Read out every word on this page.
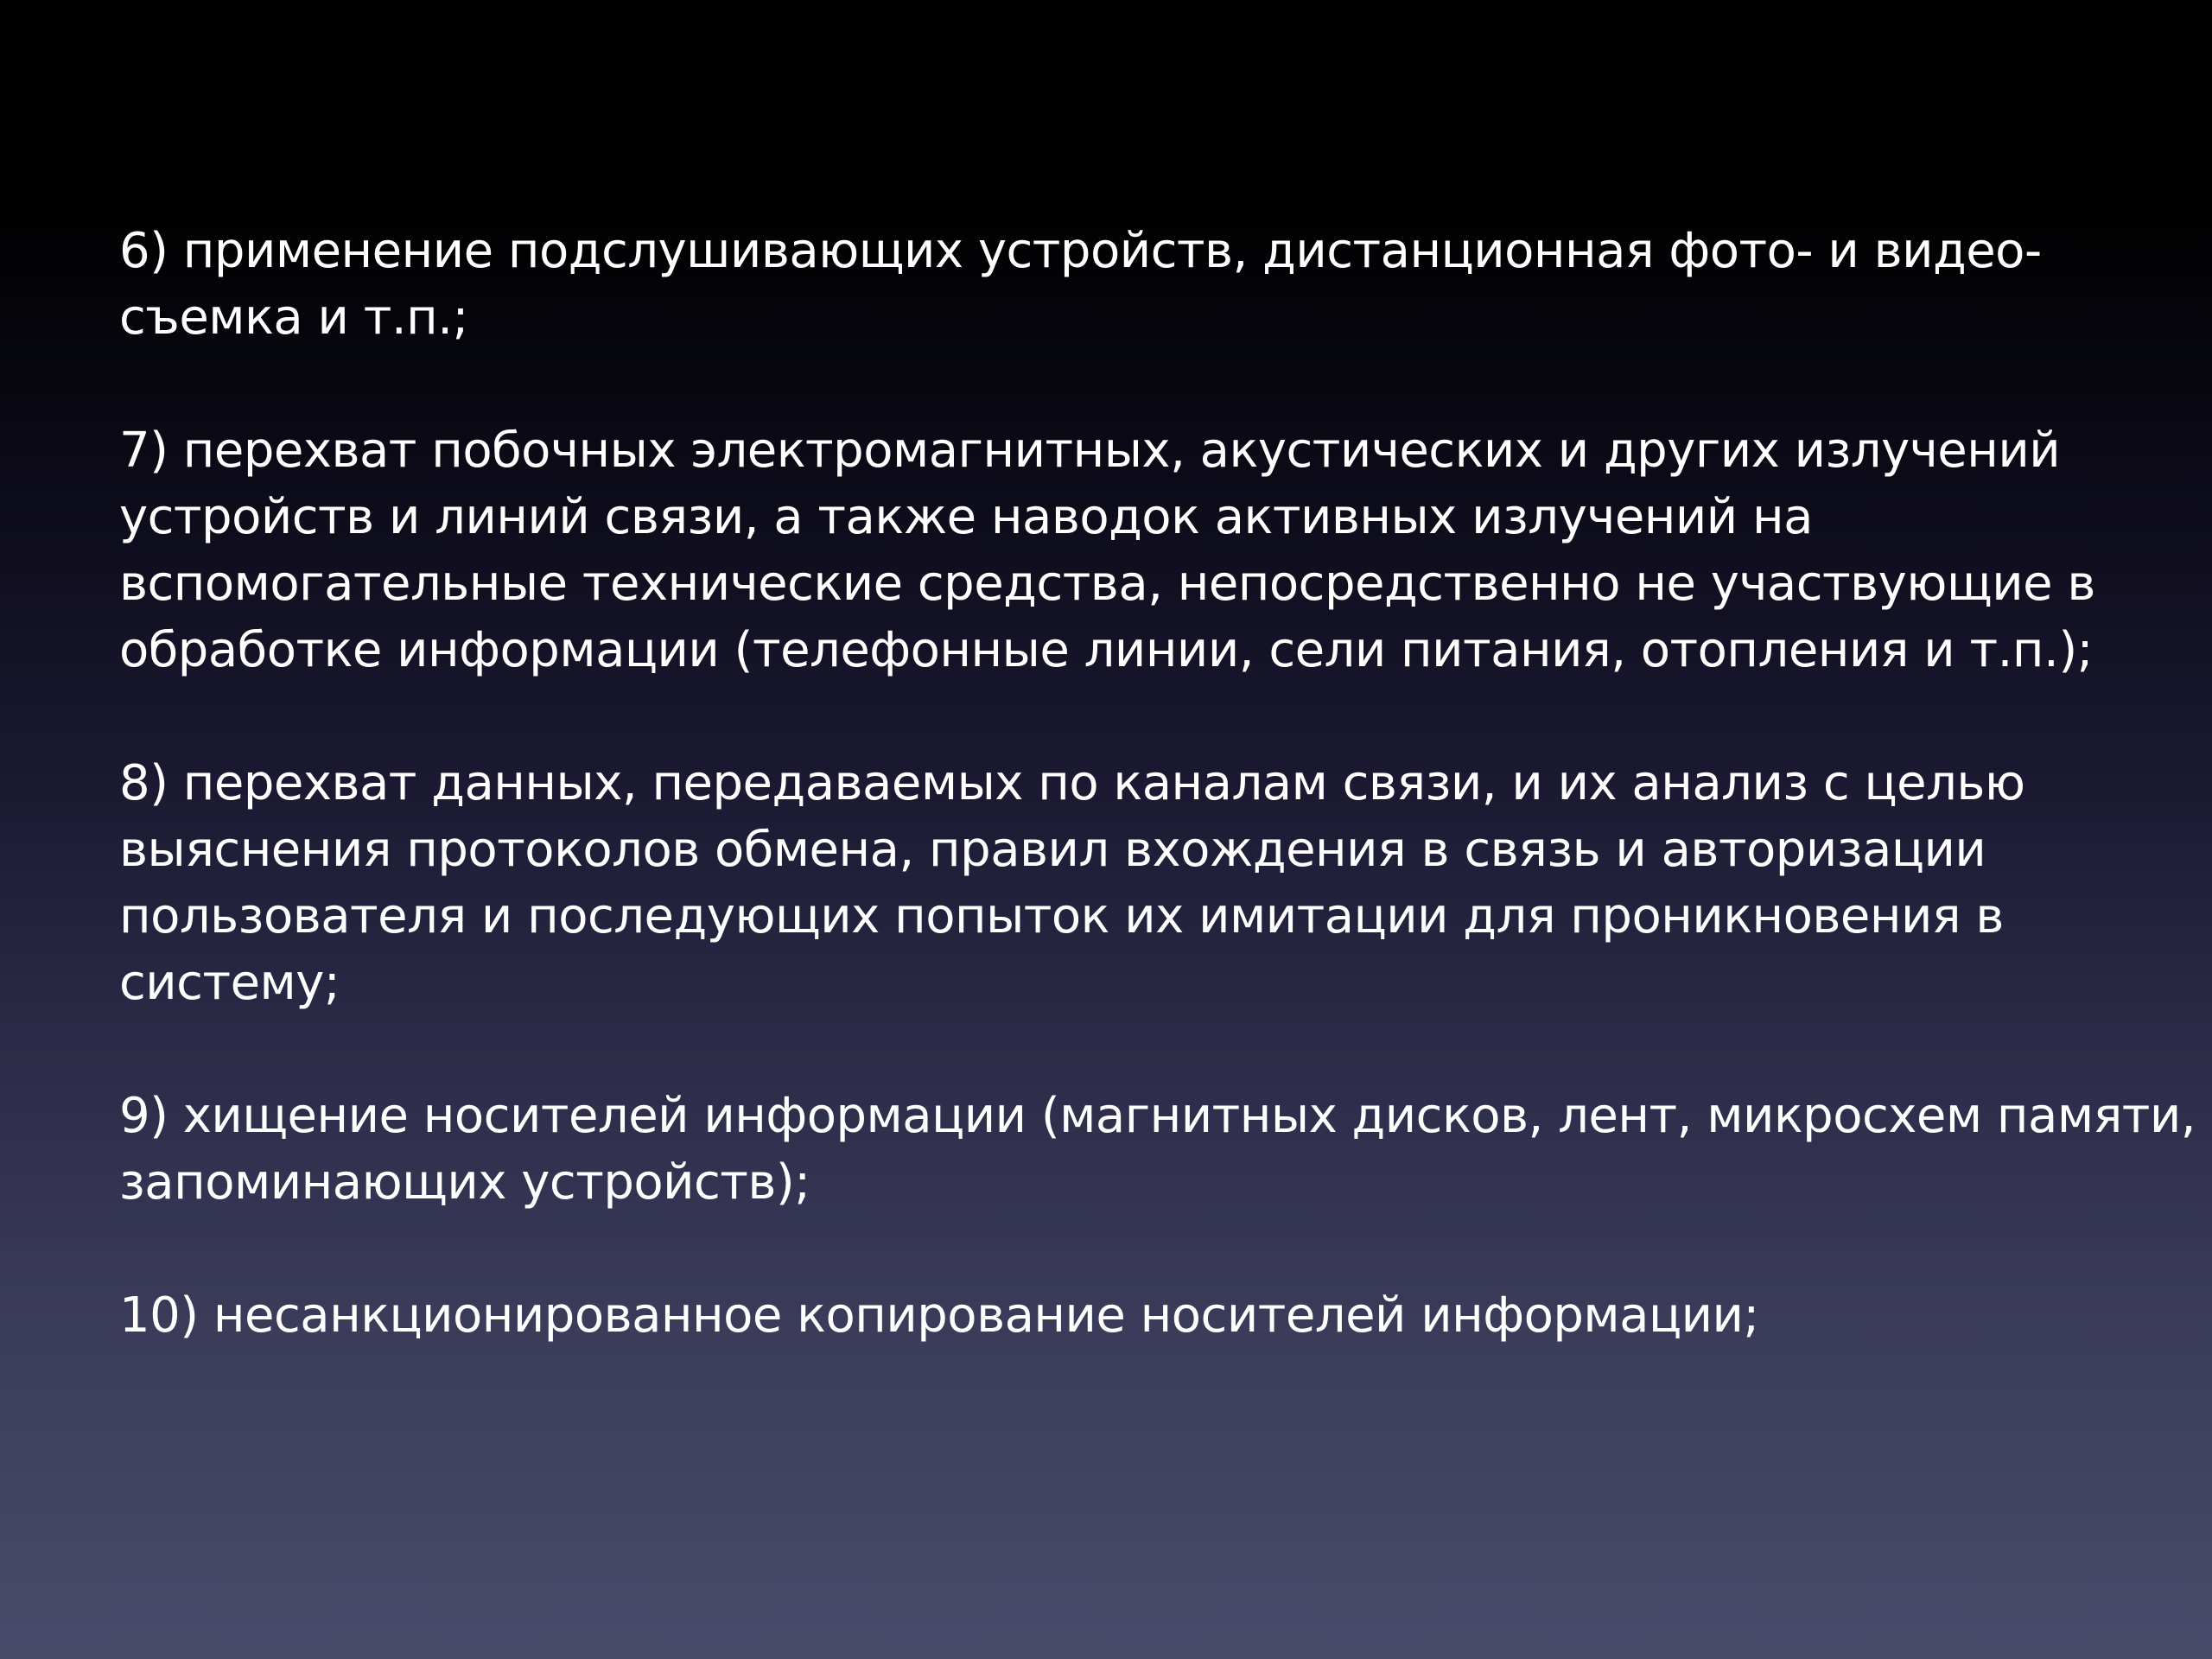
6) применение подслушивающих устройств, дистанционная фото- и видео-
съемка и т.п.;
7) перехват побочных электромагнитных, акустических и других излучений
устройств и линий связи, а также наводок активных излучений на
вспомогательные технические средства, непосредственно не участвующие в
обработке информации (телефонные линии, сели питания, отопления и т.п.);
8) перехват данных, передаваемых по каналам связи, и их анализ с целью
выяснения протоколов обмена, правил вхождения в связь и авторизации
пользователя и последующих попыток их имитации для проникновения в
систему;
9) хищение носителей информации (магнитных дисков, лент, микросхем памяти,
запоминающих устройств);
10) несанкционированное копирование носителей информации;
